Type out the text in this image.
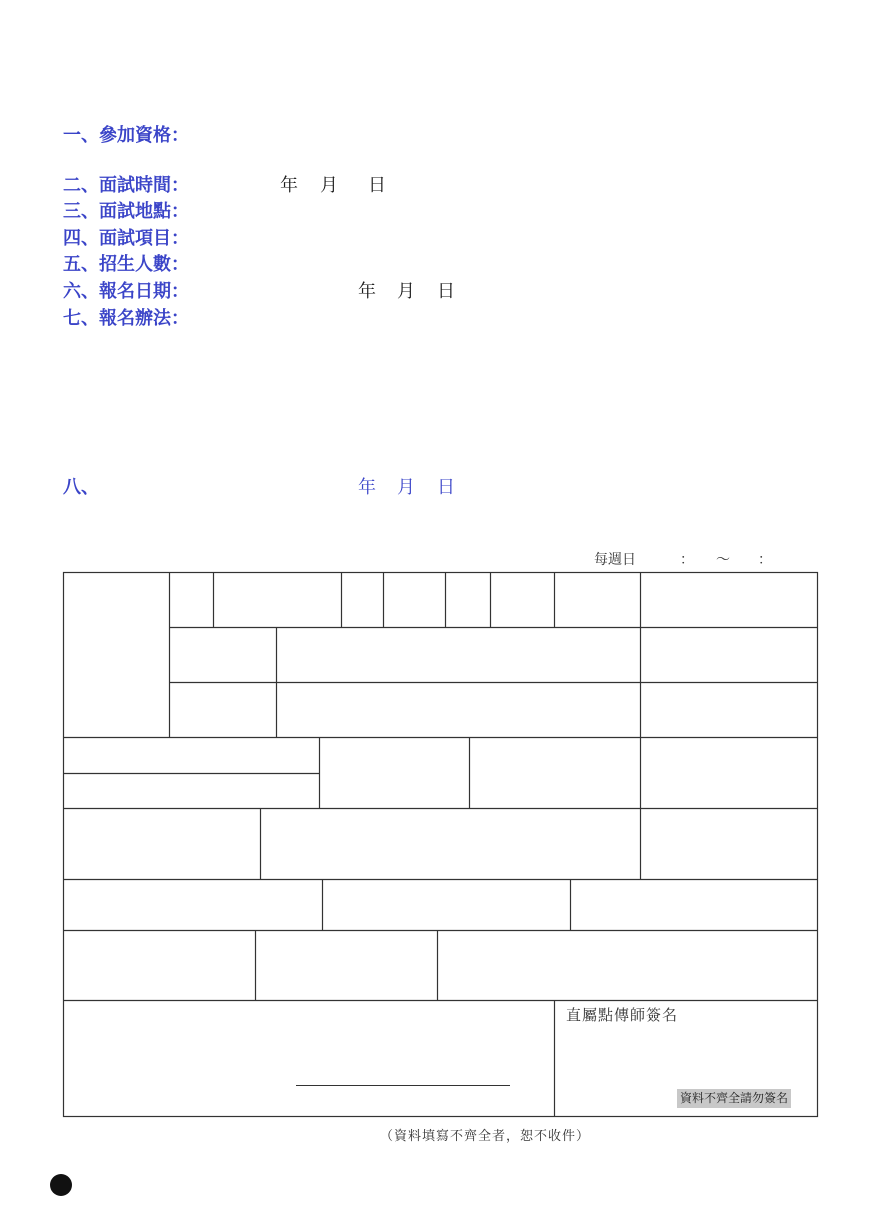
一、參加資格：
二、面試時間：
三、面試地點：
四、面試項目：
五、招生人數：
六、報名日期：
七、報名辦法：
八、
年 月 日
年 月 日
年 月 日
每週日	： ～ ：
直屬點傳師簽名
資料不齊全請勿簽名
（資料填寫不齊全者，恕不收件）
